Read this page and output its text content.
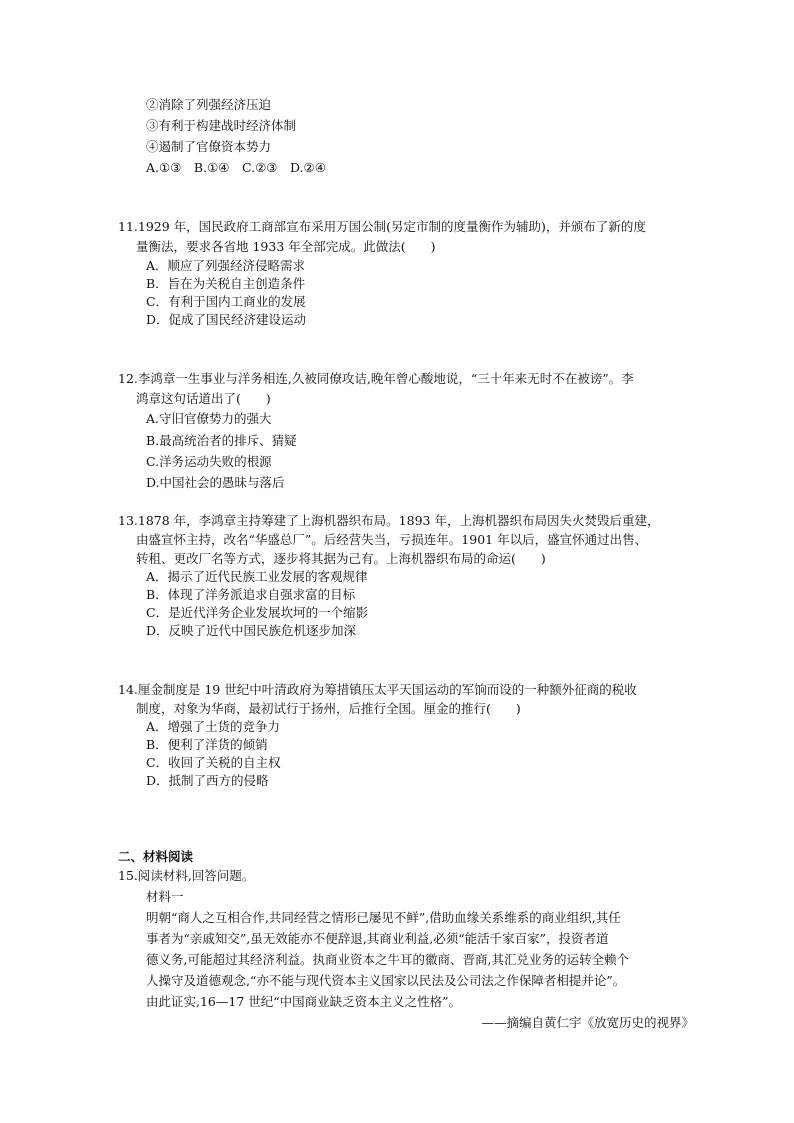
②消除了列强经济压迫
③有利于构建战时经济体制
④遏制了官僚资本势力
A.①③　B.①④　C.②③　D.②④
11.1929 年，国民政府工商部宣布采用万国公制(另定市制的度量衡作为辅助)，并颁布了新的度
量衡法，要求各省地 1933 年全部完成。此做法(　　)
A．顺应了列强经济侵略需求
B．旨在为关税自主创造条件
C．有利于国内工商业的发展
D．促成了国民经济建设运动
12.李鸿章一生事业与洋务相连,久被同僚攻诘,晚年曾心酸地说，“三十年来无时不在被谤”。李
鸿章这句话道出了(　　)
A.守旧官僚势力的强大
B.最高统治者的排斥、猜疑
C.洋务运动失败的根源
D.中国社会的愚昧与落后
13.1878 年，李鸿章主持筹建了上海机器织布局。1893 年，上海机器织布局因失火焚毁后重建，
由盛宣怀主持，改名“华盛总厂”。后经营失当，亏损连年。1901 年以后，盛宣怀通过出售、
转租、更改厂名等方式，逐步将其据为己有。上海机器织布局的命运(　　)
A．揭示了近代民族工业发展的客观规律
B．体现了洋务派追求自强求富的目标
C．是近代洋务企业发展坎坷的一个缩影
D．反映了近代中国民族危机逐步加深
14.厘金制度是 19 世纪中叶清政府为筹措镇压太平天国运动的军饷而设的一种额外征商的税收
制度，对象为华商，最初试行于扬州，后推行全国。厘金的推行(　　)
A．增强了土货的竞争力
B．便利了洋货的倾销
C．收回了关税的自主权
D．抵制了西方的侵略
二、材料阅读
15.阅读材料,回答问题。
材料一
明朝“商人之互相合作,共同经营之情形已屡见不鲜”,借助血缘关系维系的商业组织,其任
事者为“亲戚知交”,虽无效能亦不便辞退,其商业利益,必须“能活千家百家”，投资者道
德义务,可能超过其经济利益。执商业资本之牛耳的徽商、晋商,其汇兑业务的运转全赖个
人操守及道德观念,“亦不能与现代资本主义国家以民法及公司法之作保障者相提并论”。
由此证实,16—17 世纪“中国商业缺乏资本主义之性格”。
——摘编自黄仁宇《放宽历史的视界》
